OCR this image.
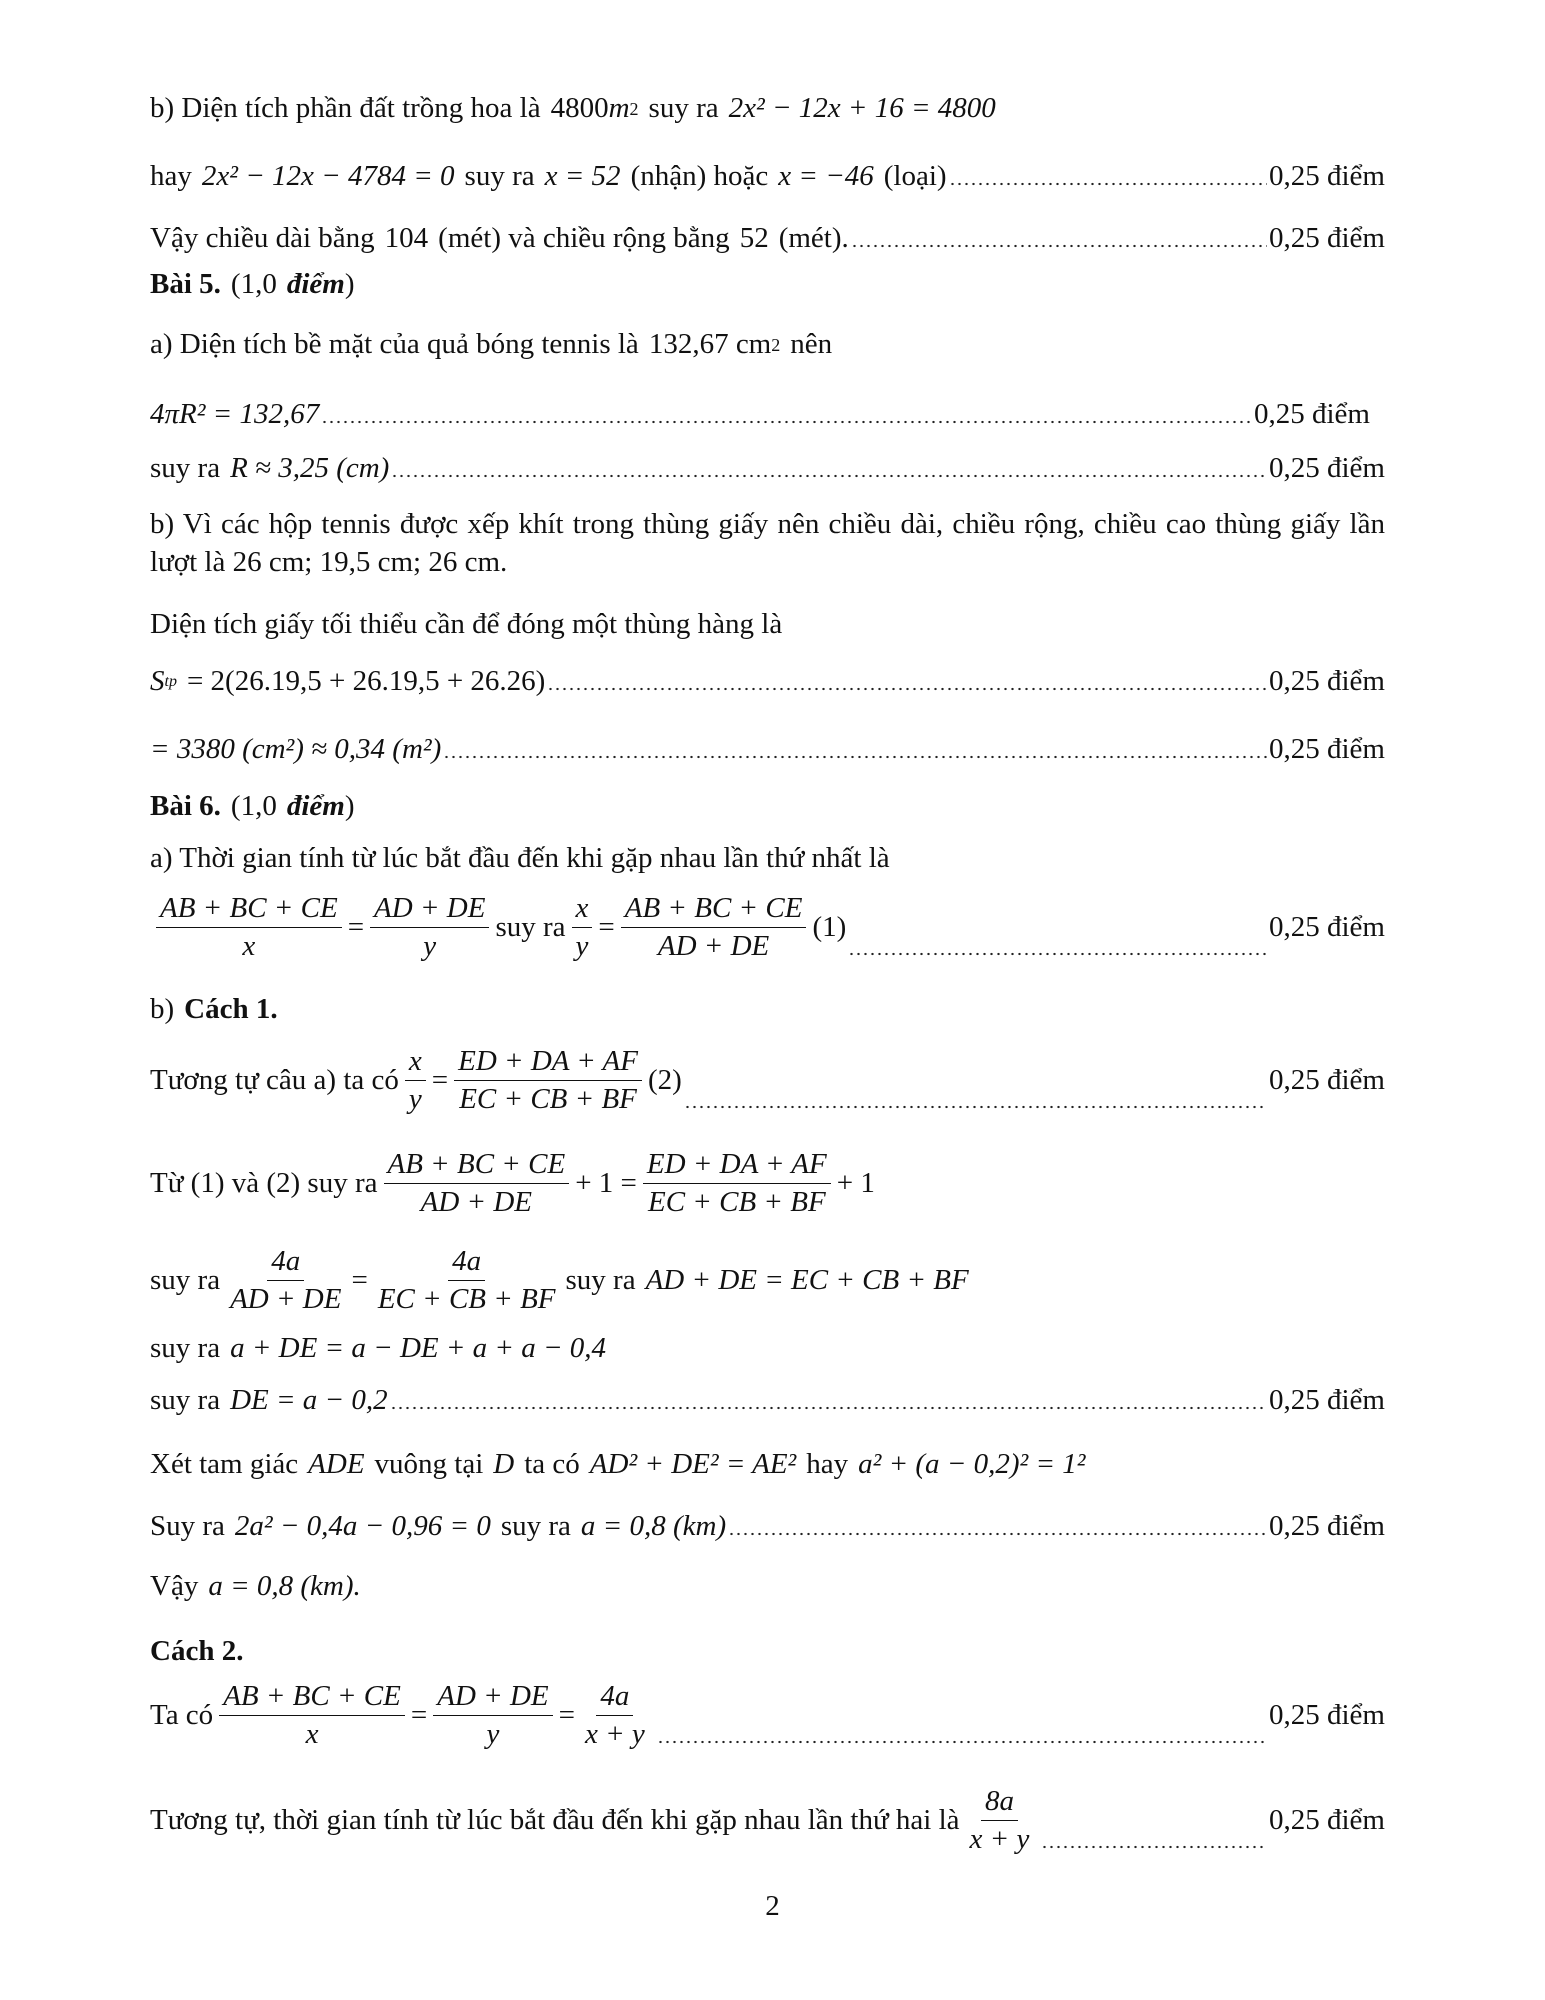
b) Diện tích phần đất trồng hoa là 4800 m 2 suy ra 2x² − 12x + 16 = 4800
hay 2x² − 12x − 4784 = 0 suy ra x = 52 (nhận) hoặc x = −46 (loại)	0,25 điểm
Vậy chiều dài bằng 104 (mét) và chiều rộng bằng 52 (mét).	0,25 điểm
Bài 5. (1,0 điểm )
a) Diện tích bề mặt của quả bóng tennis là 132,67 cm 2 nên
4πR² = 132,67	0,25 điểm
suy ra R ≈ 3,25 (cm)	0,25 điểm
b) Vì các hộp tennis được xếp khít trong thùng giấy nên chiều dài, chiều rộng, chiều cao thùng giấy lần lượt là 26 cm; 19,5 cm; 26 cm.
Diện tích giấy tối thiểu cần để đóng một thùng hàng là
S tp = 2(26.19,5 + 26.19,5 + 26.26)	0,25 điểm
= 3380 (cm²) ≈ 0,34 (m²)	0,25 điểm
Bài 6. (1,0 điểm )
a) Thời gian tính từ lúc bắt đầu đến khi gặp nhau lần thứ nhất là
$\frac{AB + BC + CE}{x} = \frac{AD + DE}{y}$ suy ra $\frac{x}{y} = \frac{AB + BC + CE}{AD + DE} (1)$	0,25 điểm
b) Cách 1.
Tương tự câu a) ta có $\frac{x}{y} = \frac{ED + DA + AF}{EC + CB + BF} (2)$	0,25 điểm
Từ (1) và (2) suy ra $\frac{AB + BC + CE}{AD + DE} + 1 = \frac{ED + DA + AF}{EC + CB + BF} + 1$
suy ra $\frac{4a}{AD + DE} = \frac{4a}{EC + CB + BF}$ suy ra AD + DE = EC + CB + BF
suy ra a + DE = a − DE + a + a − 0,4
suy ra DE = a − 0,2	0,25 điểm
Xét tam giác ADE vuông tại D ta có AD² + DE² = AE² hay a² + (a − 0,2)² = 1²
Suy ra 2a² − 0,4a − 0,96 = 0 suy ra a = 0,8 (km)	0,25 điểm
Vậy a = 0,8 (km).
Cách 2.
Ta có $\frac{AB + BC + CE}{x} = \frac{AD + DE}{y} = \frac{4a}{x + y}$	0,25 điểm
Tương tự, thời gian tính từ lúc bắt đầu đến khi gặp nhau lần thứ hai là $\frac{8a}{x + y}$	0,25 điểm
2
